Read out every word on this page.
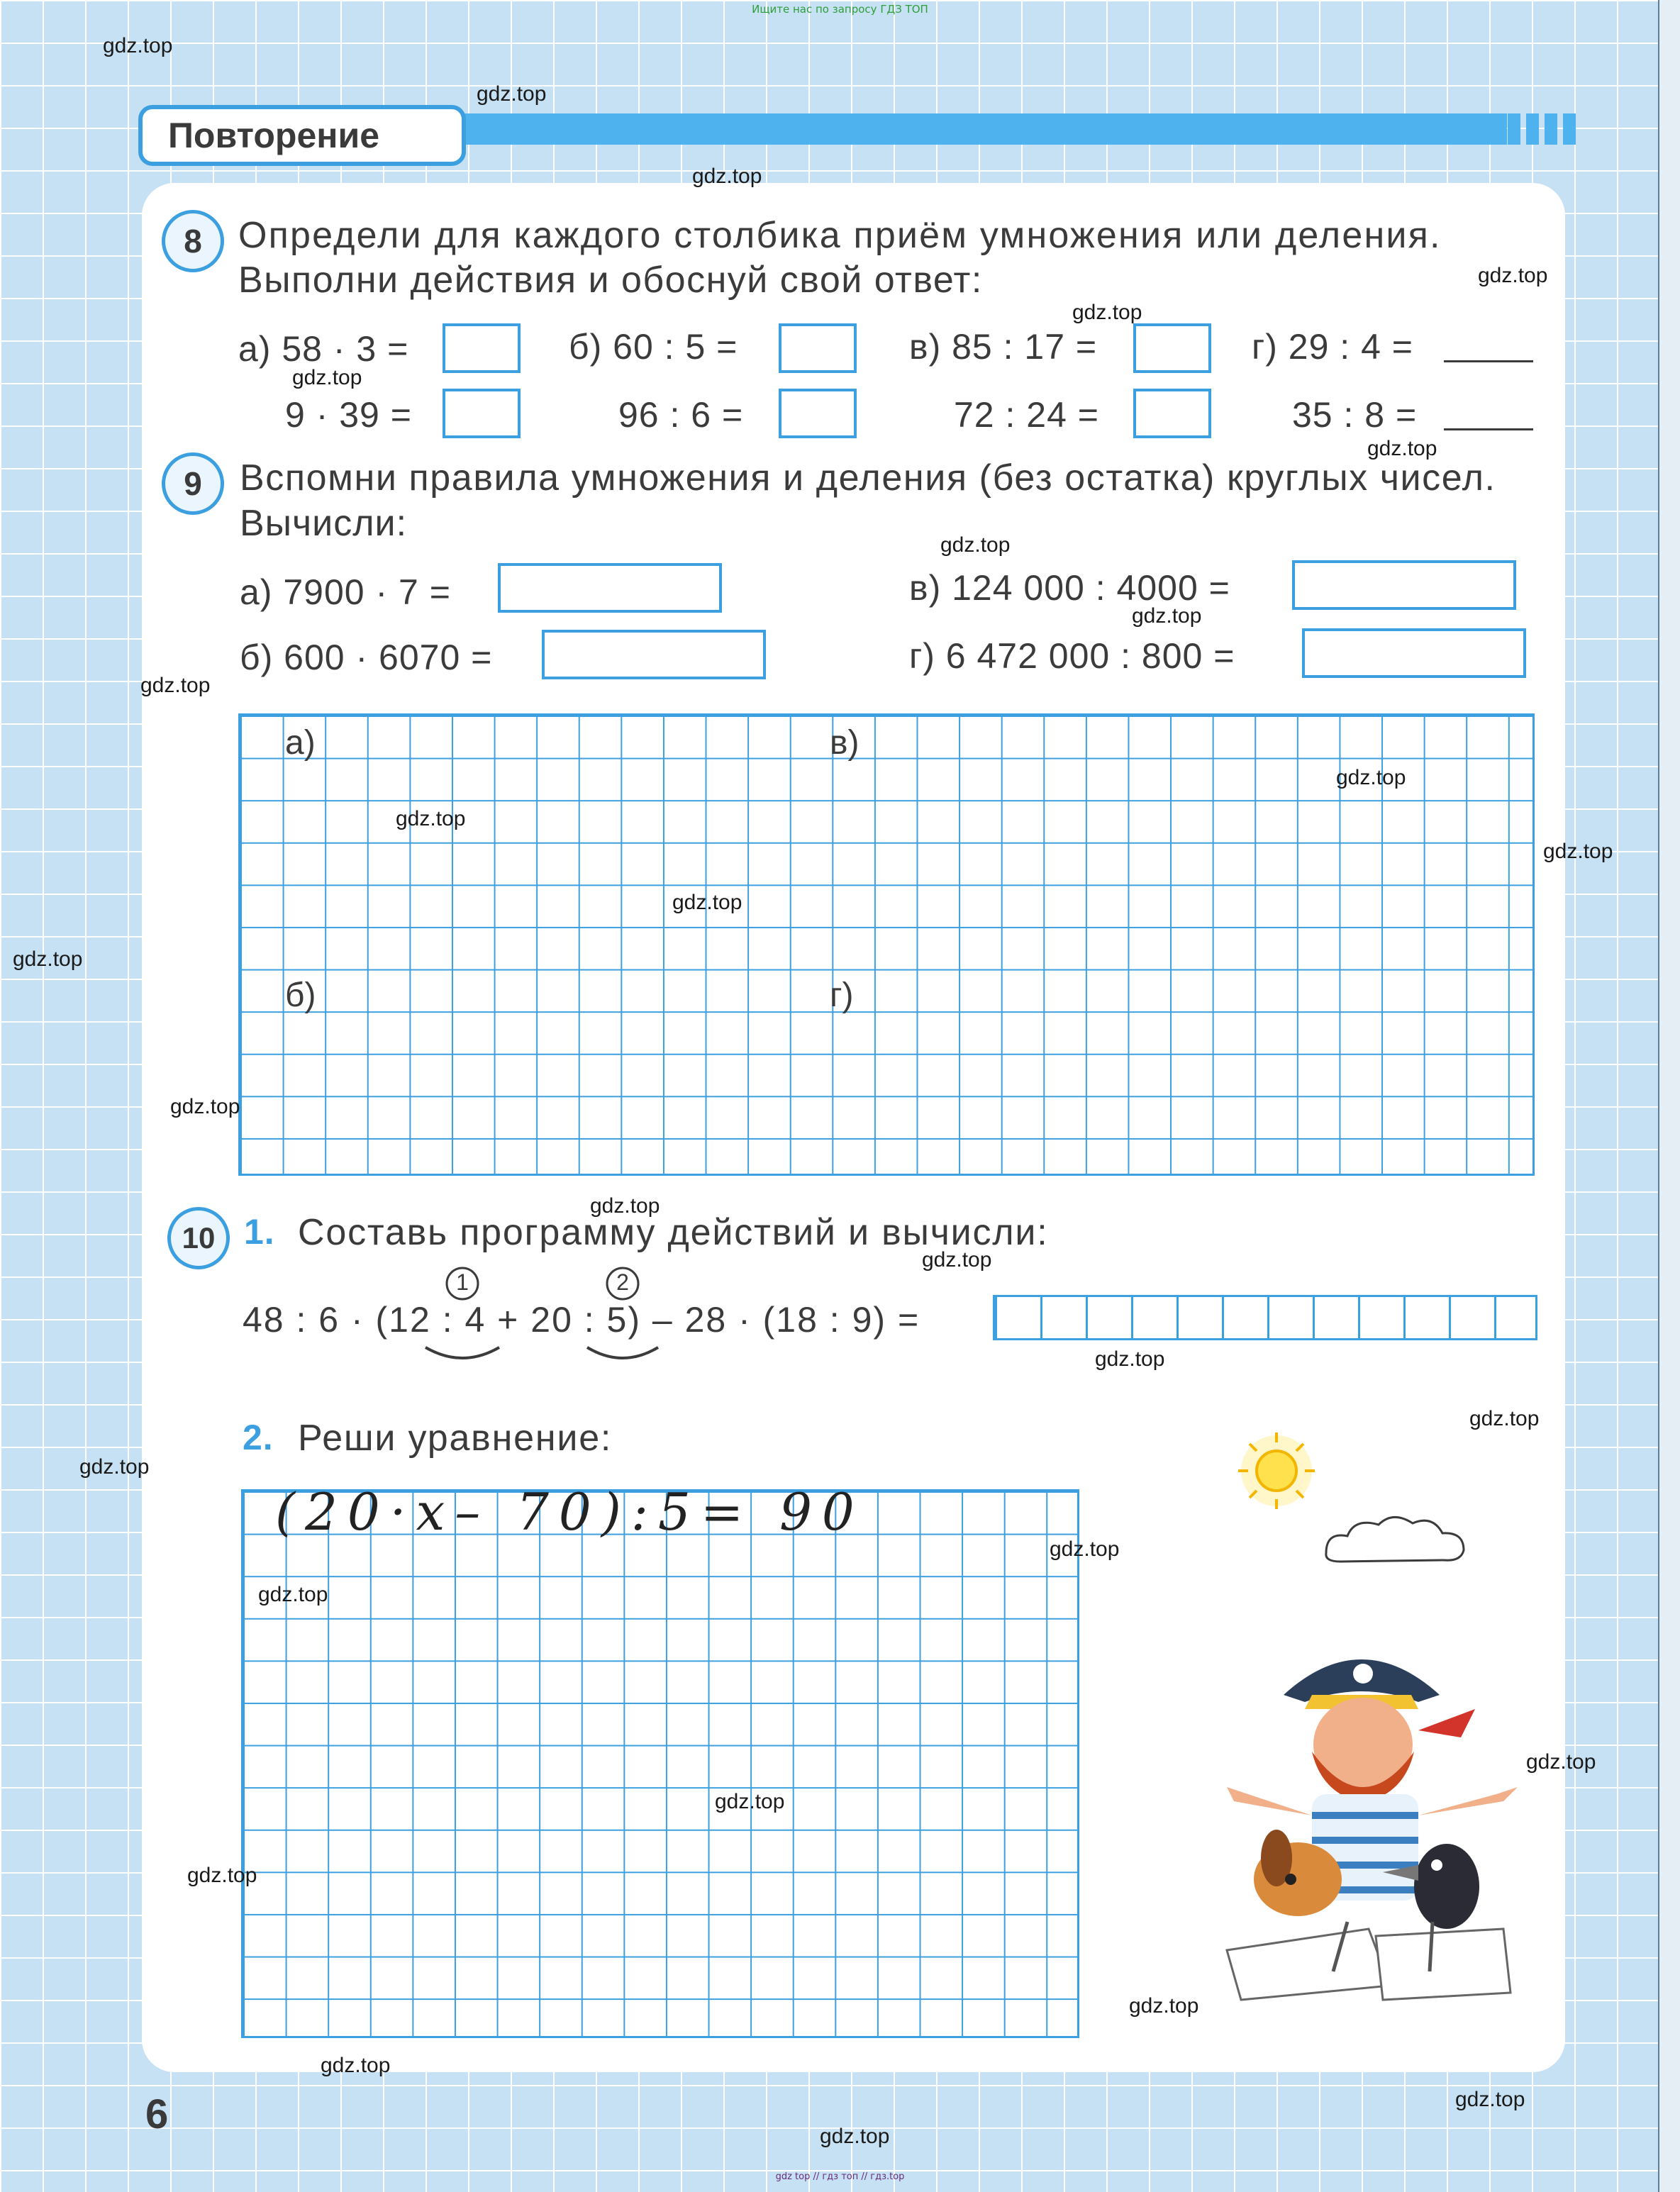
Ищите нас по запросу ГДЗ ТОП
Повторение
8 Определи для каждого столбика приём умножения или деления.
Выполни действия и обоснуй свой ответ:
а) 58 · 3 =
9 · 39 =
б) 60 : 5 =
96 : 6 =
в) 85 : 17 =
72 : 24 =
г) 29 : 4 =
35 : 8 =
9	Вспомни правила умножения и деления (без остатка) круглых чисел.
Вычисли:
а) 7900 · 7 =
б) 600 · 6070 =
в) 124 000 : 4000 =
г) 6 472 000 : 800 =
а)	в)
б)	г)
10 1. Составь программу действий и вычисли:
48 : 6 · (12 : 4 + 20 : 5) – 28 · (18 : 9) =
1	2
2. Реши уравнение:
(20·x– 70):5= 90
gdz.top
gdz.top
gdz.top
gdz.top
gdz.top
gdz.top
gdz.top
gdz.top
gdz.top
gdz.top
gdz.top
gdz.top
gdz.top
gdz.top
gdz.top
gdz.top
gdz.top
gdz.top
gdz.top
gdz.top
gdz.top
gdz.top
gdz.top
gdz.top
gdz.top
gdz.top
gdz.top
gdz.top
gdz.top
gdz.top
6
gdz top // гдз топ // гдз.top
